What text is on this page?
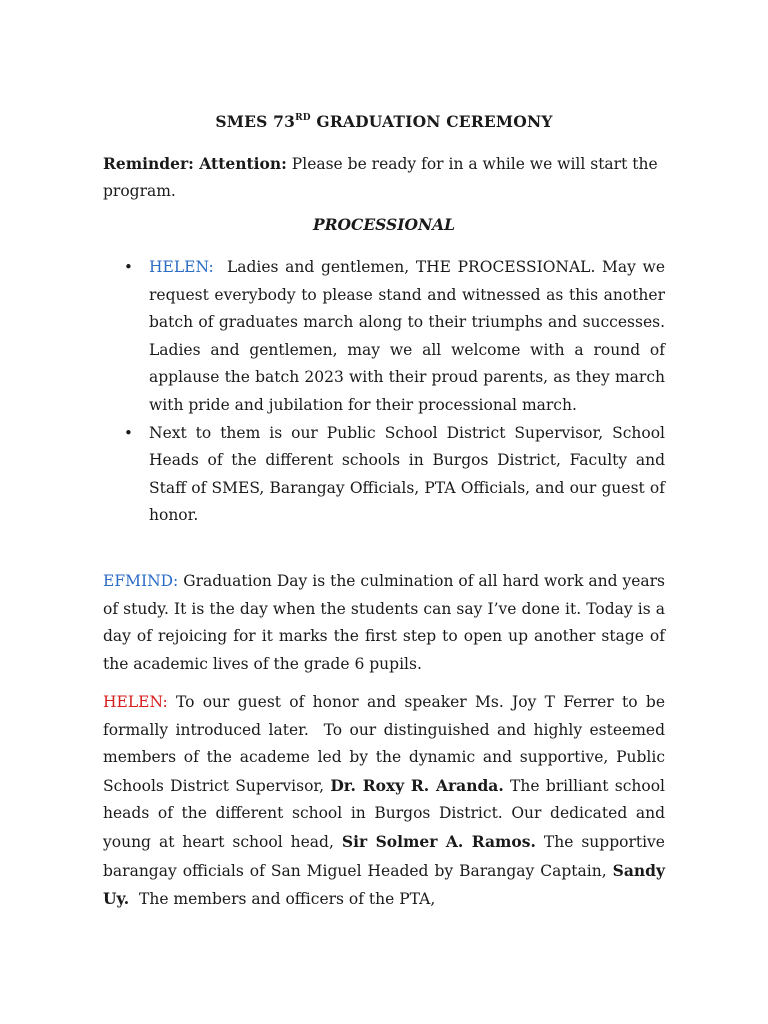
SMES 73RD GRADUATION CEREMONY
Reminder: Attention: Please be ready for in a while we will start the program.
PROCESSIONAL
• HELEN:  Ladies and gentlemen, THE PROCESSIONAL. May we request everybody to please stand and witnessed as this another batch of graduates march along to their triumphs and successes. Ladies and gentlemen, may we all welcome with a round of applause the batch 2023 with their proud parents, as they march with pride and jubilation for their processional march.
• Next to them is our Public School District Supervisor, School Heads of the different schools in Burgos District, Faculty and Staff of SMES, Barangay Officials, PTA Officials, and our guest of honor.

EFMIND: Graduation Day is the culmination of all hard work and years of study. It is the day when the students can say I’ve done it. Today is a day of rejoicing for it marks the first step to open up another stage of the academic lives of the grade 6 pupils.

HELEN: To our guest of honor and speaker Ms. Joy T Ferrer to be formally introduced later.  To our distinguished and highly esteemed members of the academe led by the dynamic and supportive, Public Schools District Supervisor, Dr. Roxy R. Aranda. The brilliant school heads of the different school in Burgos District. Our dedicated and young at heart school head, Sir Solmer A. Ramos. The supportive barangay officials of San Miguel Headed by Barangay Captain, Sandy Uy.  The members and officers of the PTA,
